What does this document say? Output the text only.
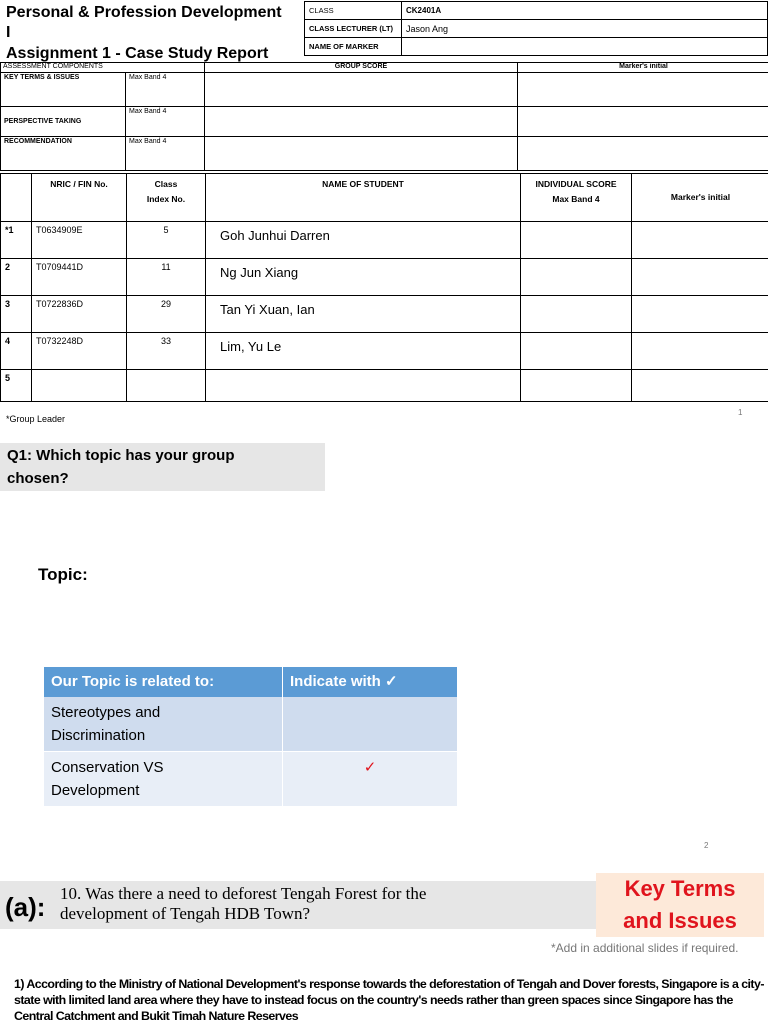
Personal & Profession Development
I
Assignment 1 - Case Study Report
CLASS	CK2401A
CLASS LECTURER (LT)	Jason Ang
NAME OF MARKER	
ASSESSMENT COMPONENTS		GROUP SCORE	Marker's initial
KEY TERMS & ISSUES	Max Band 4		
PERSPECTIVE TAKING	Max Band 4		
RECOMMENDATION	Max Band 4		
	NRIC / FIN No.	Class
Index No.	NAME OF STUDENT	INDIVIDUAL SCORE
Max Band 4	Marker's initial
*1	T0634909E	5	Goh Junhui Darren		
2	T0709441D	11	Ng Jun Xiang		
3	T0722836D	29	Tan Yi Xuan, Ian		
4	T0732248D	33	Lim, Yu Le		
5					
*Group Leader
1
Q1: Which topic has your group
chosen?
Topic:
Our Topic is related to:	Indicate with ✓
Stereotypes and
Discrimination	
Conservation VS
Development	✓
2
(a): 10. Was there a need to deforest Tengah Forest for the
development of Tengah HDB Town?
Key Terms
and Issues
*Add in additional slides if required.
1) According to the Ministry of National Development's response towards the deforestation of Tengah and Dover forests, Singapore is a city-state with limited land area where they have to instead focus on the country's needs rather than green spaces since Singapore has the Central Catchment and Bukit Timah Nature Reserves
